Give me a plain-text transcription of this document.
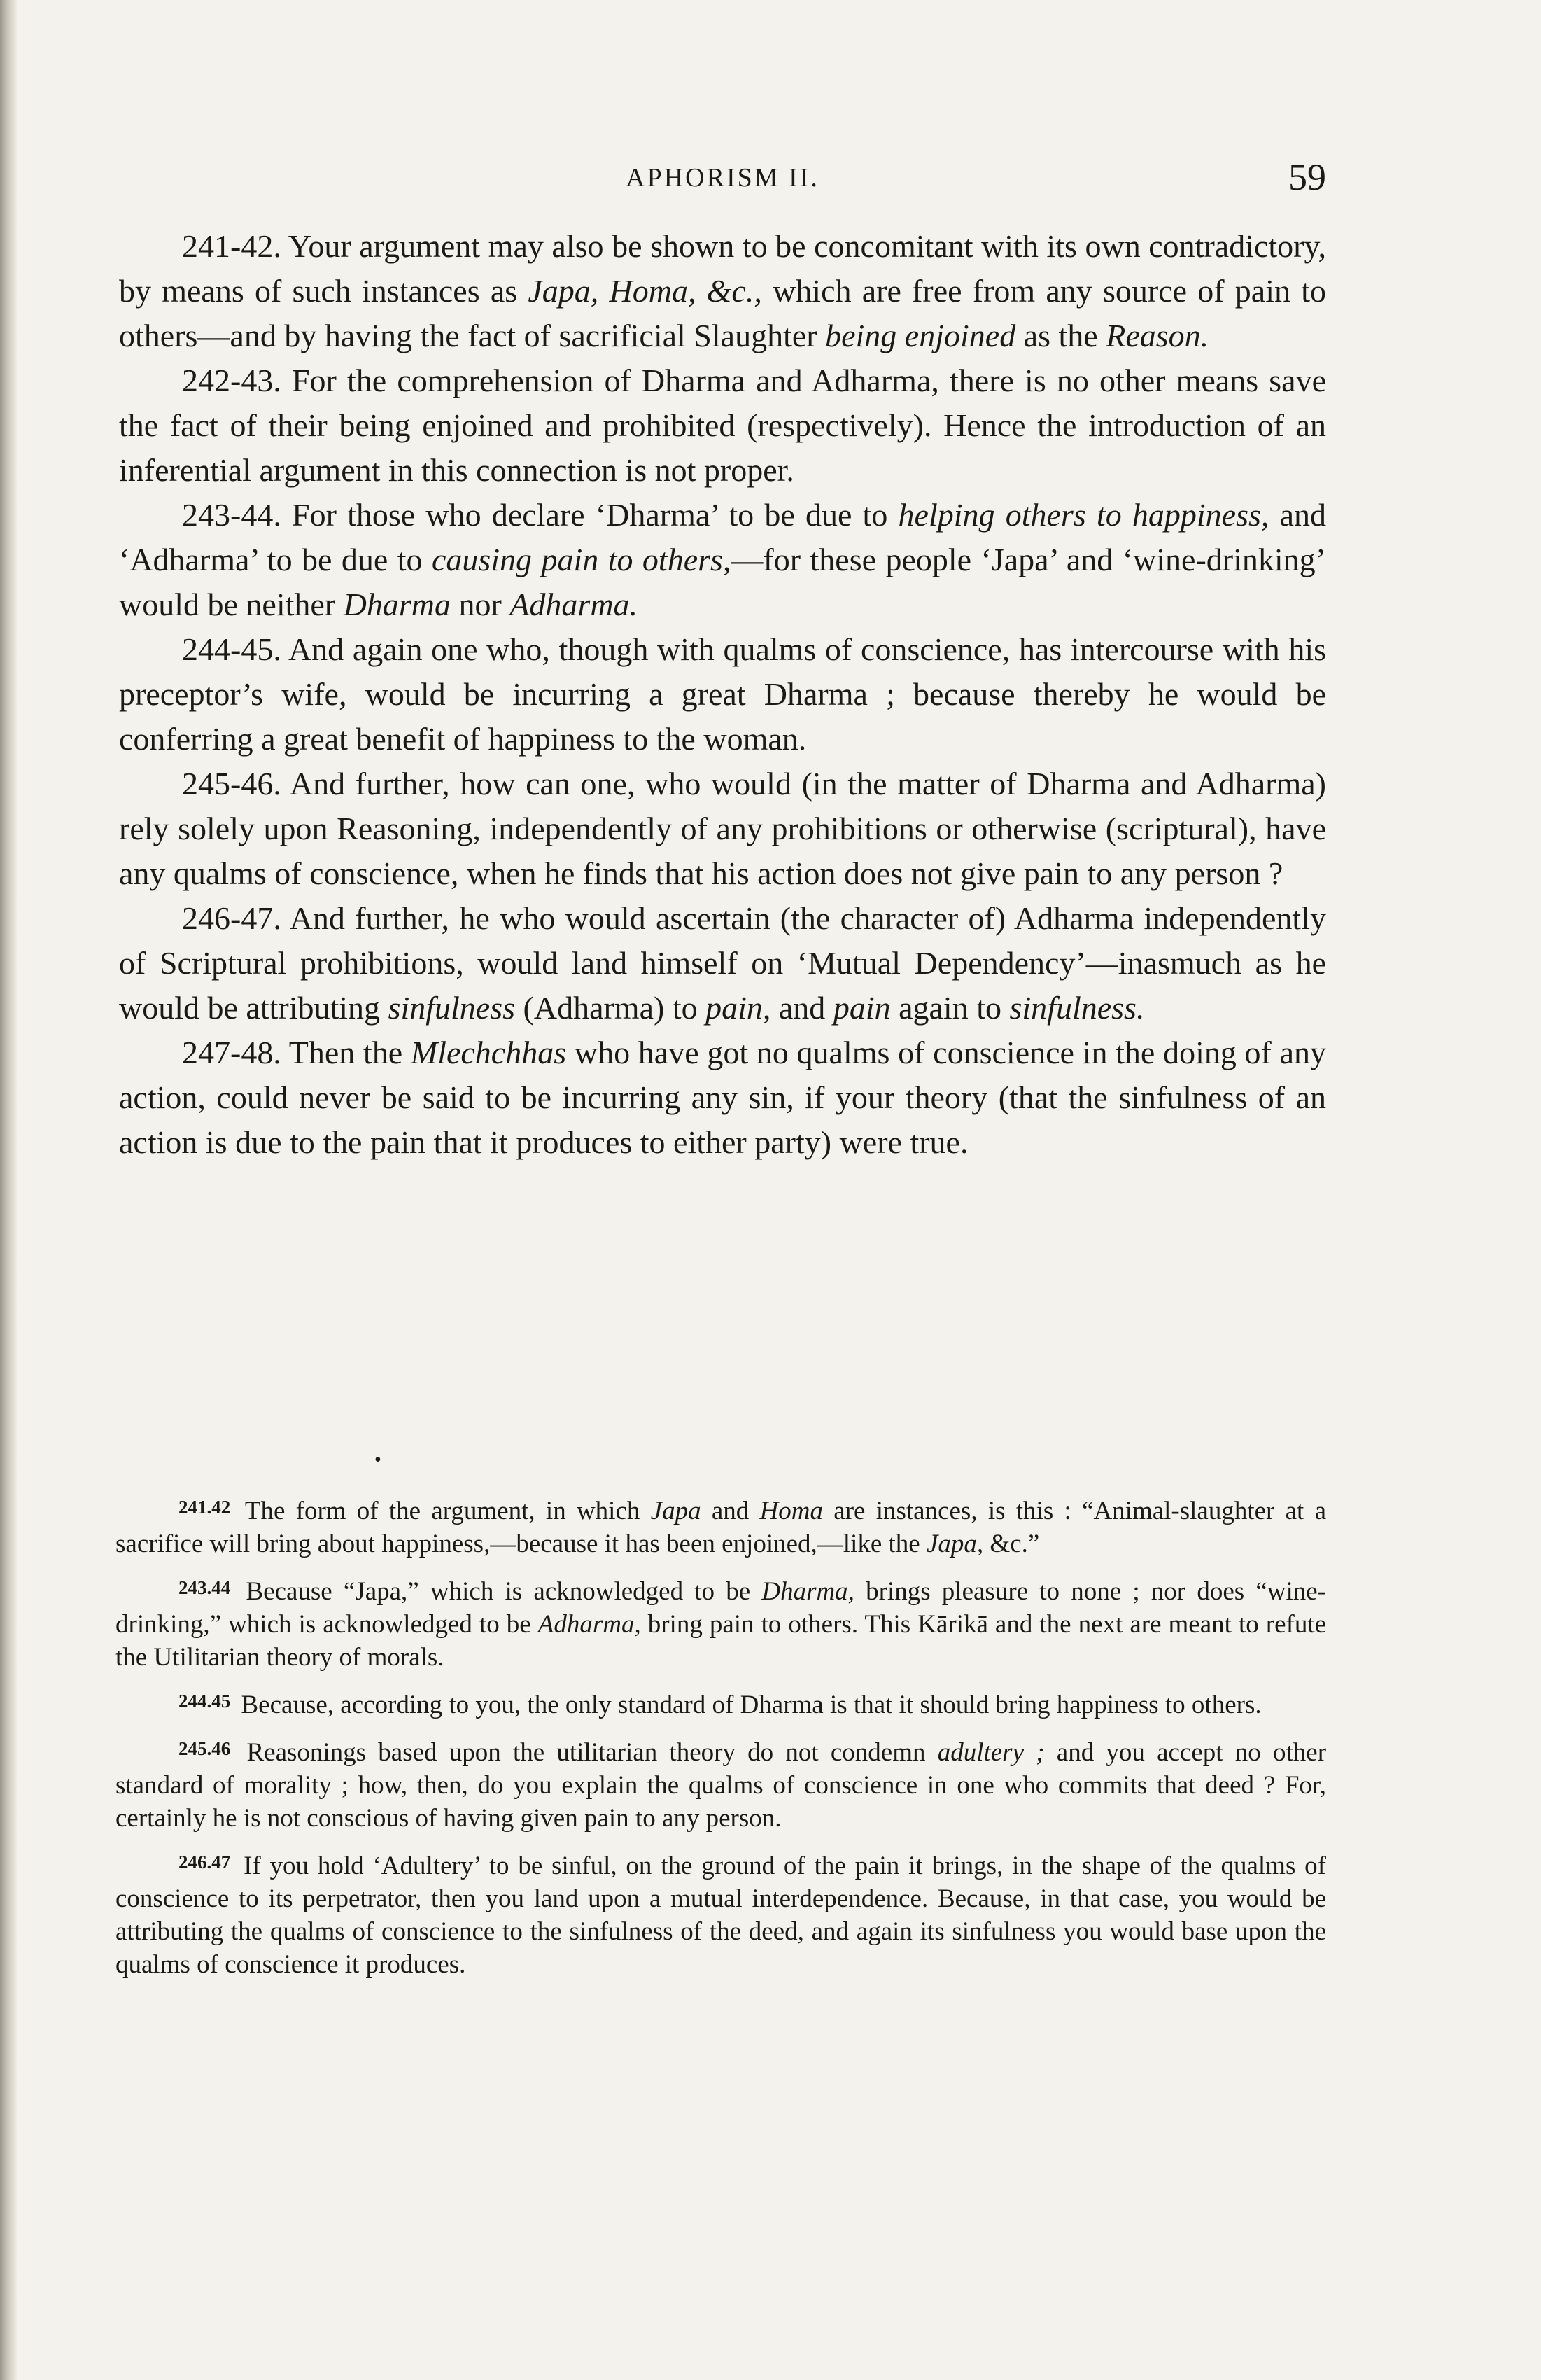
APHORISM II.	59

241-42. Your argument may also be shown to be concomitant with its own contradictory, by means of such instances as Japa, Homa, &c., which are free from any source of pain to others—and by having the fact of sacrificial Slaughter being enjoined as the Reason.

242-43. For the comprehension of Dharma and Adharma, there is no other means save the fact of their being enjoined and prohibited (respectively). Hence the introduction of an inferential argument in this connection is not proper.

243-44. For those who declare ‘Dharma’ to be due to helping others to happiness, and ‘Adharma’ to be due to causing pain to others,—for these people ‘Japa’ and ‘wine-drinking’ would be neither Dharma nor Adharma.

244-45. And again one who, though with qualms of conscience, has intercourse with his preceptor’s wife, would be incurring a great Dharma ; because thereby he would be conferring a great benefit of happiness to the woman.

245-46. And further, how can one, who would (in the matter of Dharma and Adharma) rely solely upon Reasoning, independently of any prohibitions or otherwise (scriptural), have any qualms of conscience, when he finds that his action does not give pain to any person ?

246-47. And further, he who would ascertain (the character of) Adharma independently of Scriptural prohibitions, would land himself on ‘Mutual Dependency’—inasmuch as he would be attributing sinfulness (Adharma) to pain, and pain again to sinfulness.

247-48. Then the Mlechchhas who have got no qualms of conscience in the doing of any action, could never be said to be incurring any sin, if your theory (that the sinfulness of an action is due to the pain that it produces to either party) were true.

•

$^{241.42}$ The form of the argument, in which Japa and Homa are instances, is this : “Animal-slaughter at a sacrifice will bring about happiness,—because it has been enjoined,—like the Japa, &c.”

$^{243.44}$ Because “Japa,” which is acknowledged to be Dharma, brings pleasure to none ; nor does “wine-drinking,” which is acknowledged to be Adharma, bring pain to others. This Kārikā and the next are meant to refute the Utilitarian theory of morals.

$^{244.45}$ Because, according to you, the only standard of Dharma is that it should bring happiness to others.

$^{245.46}$ Reasonings based upon the utilitarian theory do not condemn adultery ; and you accept no other standard of morality ; how, then, do you explain the qualms of conscience in one who commits that deed ? For, certainly he is not conscious of having given pain to any person.

$^{246.47}$ If you hold ‘Adultery’ to be sinful, on the ground of the pain it brings, in the shape of the qualms of conscience to its perpetrator, then you land upon a mutual interdependence. Because, in that case, you would be attributing the qualms of conscience to the sinfulness of the deed, and again its sinfulness you would base upon the qualms of conscience it produces.
